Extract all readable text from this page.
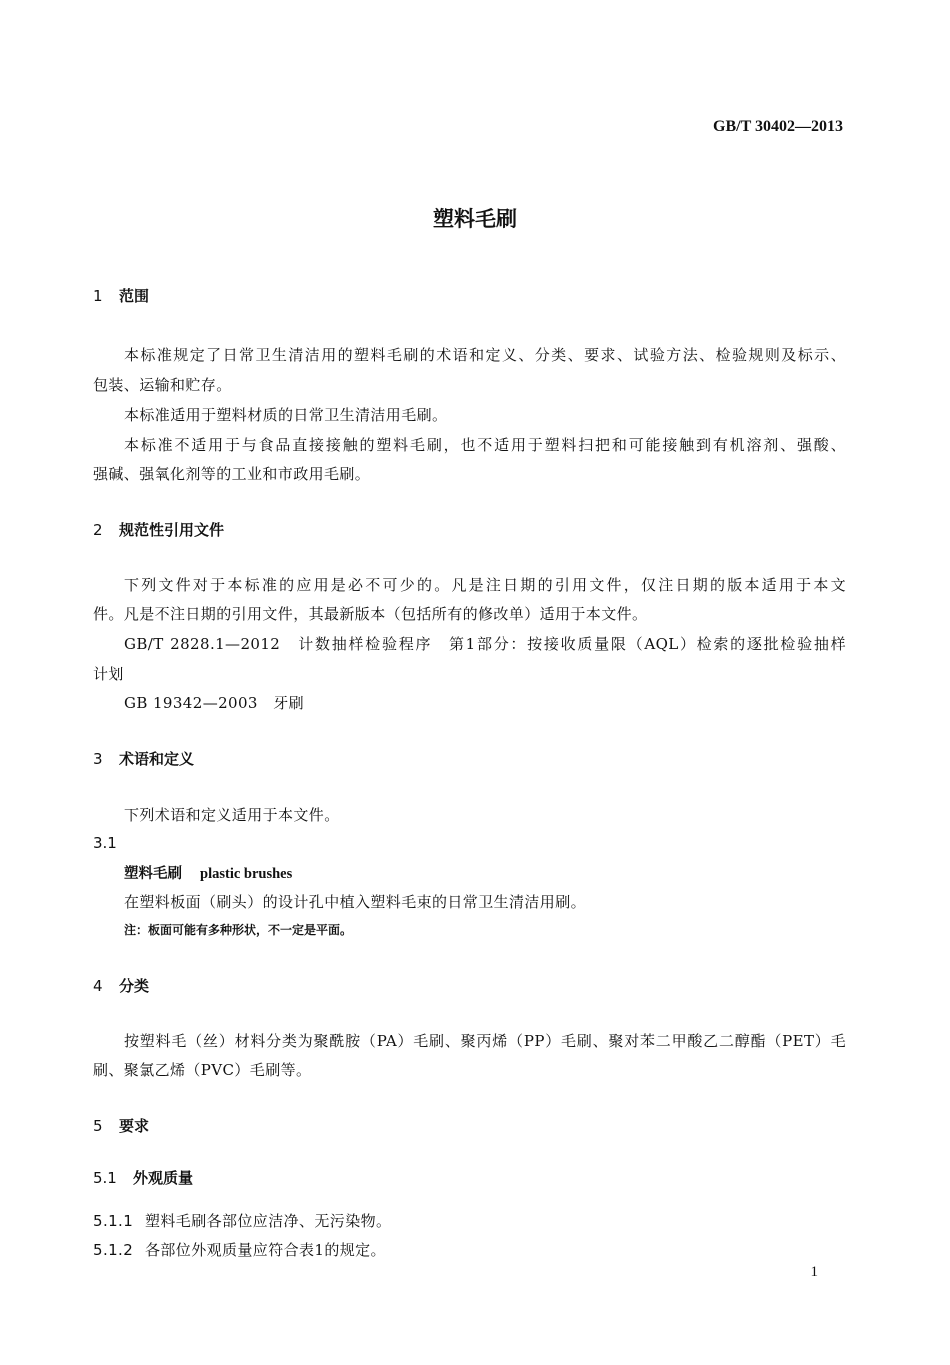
GB/T 30402—2013
塑料毛刷
1 范围
本标准规定了日常卫生清洁用的塑料毛刷的术语和定义、分类、要求、试验方法、检验规则及标示、
包装、运输和贮存。
本标准适用于塑料材质的日常卫生清洁用毛刷。
本标准不适用于与食品直接接触的塑料毛刷，也不适用于塑料扫把和可能接触到有机溶剂、强酸、
强碱、强氧化剂等的工业和市政用毛刷。
2 规范性引用文件
下列文件对于本标准的应用是必不可少的。凡是注日期的引用文件，仅注日期的版本适用于本文
件。凡是不注日期的引用文件，其最新版本（包括所有的修改单）适用于本文件。
GB/T 2828.1—2012　计数抽样检验程序　第1部分：按接收质量限（AQL）检索的逐批检验抽样
计划
GB 19342—2003　牙刷
3 术语和定义
下列术语和定义适用于本文件。
3.1
塑料毛刷 plastic brushes
在塑料板面（刷头）的设计孔中植入塑料毛束的日常卫生清洁用刷。
注：板面可能有多种形状，不一定是平面。
4 分类
按塑料毛（丝）材料分类为聚酰胺（PA）毛刷、聚丙烯（PP）毛刷、聚对苯二甲酸乙二醇酯（PET）毛
刷、聚氯乙烯（PVC）毛刷等。
5 要求
5.1 外观质量
5.1.1 塑料毛刷各部位应洁净、无污染物。
5.1.2 各部位外观质量应符合表1的规定。
1
